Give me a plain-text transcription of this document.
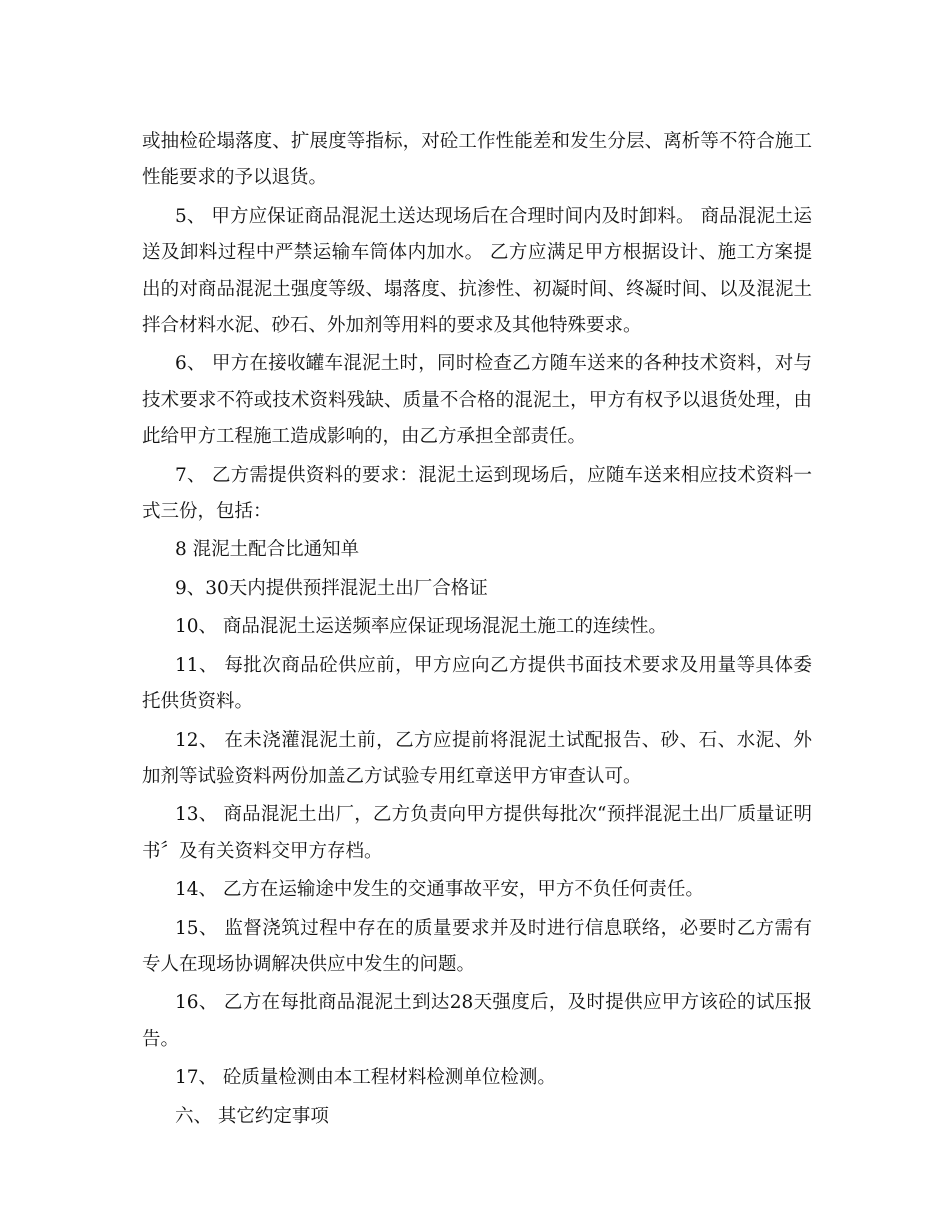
或抽检砼塌落度、扩展度等指标，对砼工作性能差和发生分层、离析等不符合施工性能要求的予以退货。

5、 甲方应保证商品混泥土送达现场后在合理时间内及时卸料。 商品混泥土运送及卸料过程中严禁运输车筒体内加水。 乙方应满足甲方根据设计、施工方案提出的对商品混泥土强度等级、塌落度、抗渗性、初凝时间、终凝时间、以及混泥土拌合材料水泥、砂石、外加剂等用料的要求及其他特殊要求。

6、 甲方在接收罐车混泥土时，同时检查乙方随车送来的各种技术资料，对与技术要求不符或技术资料残缺、质量不合格的混泥土，甲方有权予以退货处理，由此给甲方工程施工造成影响的，由乙方承担全部责任。

7、 乙方需提供资料的要求：混泥土运到现场后，应随车送来相应技术资料一式三份，包括：

8 混泥土配合比通知单

9、30天内提供预拌混泥土出厂合格证

10、 商品混泥土运送频率应保证现场混泥土施工的连续性。

11、 每批次商品砼供应前，甲方应向乙方提供书面技术要求及用量等具体委托供货资料。

12、 在未浇灌混泥土前，乙方应提前将混泥土试配报告、砂、石、水泥、外加剂等试验资料两份加盖乙方试验专用红章送甲方审查认可。

13、 商品混泥土出厂，乙方负责向甲方提供每批次“预拌混泥土出厂质量证明书〞及有关资料交甲方存档。

14、 乙方在运输途中发生的交通事故平安，甲方不负任何责任。

15、 监督浇筑过程中存在的质量要求并及时进行信息联络，必要时乙方需有专人在现场协调解决供应中发生的问题。

16、 乙方在每批商品混泥土到达28天强度后，及时提供应甲方该砼的试压报告。

17、 砼质量检测由本工程材料检测单位检测。

六、 其它约定事项
